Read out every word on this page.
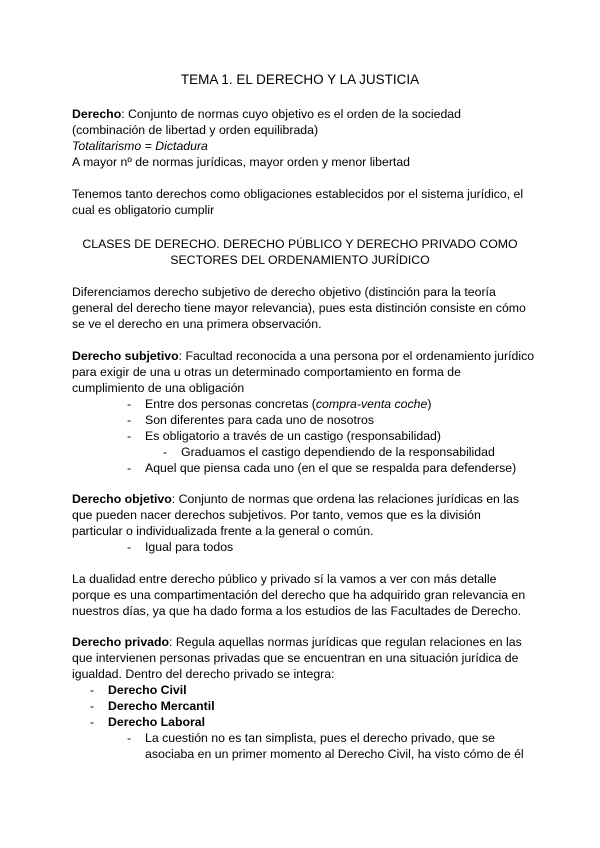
TEMA 1. EL DERECHO Y LA JUSTICIA
Derecho: Conjunto de normas cuyo objetivo es el orden de la sociedad
(combinación de libertad y orden equilibrada)
Totalitarismo = Dictadura
A mayor nº de normas jurídicas, mayor orden y menor libertad
Tenemos tanto derechos como obligaciones establecidos por el sistema jurídico, el
cual es obligatorio cumplir
CLASES DE DERECHO. DERECHO PÚBLICO Y DERECHO PRIVADO COMO
SECTORES DEL ORDENAMIENTO JURÍDICO
Diferenciamos derecho subjetivo de derecho objetivo (distinción para la teoría
general del derecho tiene mayor relevancia), pues esta distinción consiste en cómo
se ve el derecho en una primera observación.
Derecho subjetivo: Facultad reconocida a una persona por el ordenamiento jurídico
para exigir de una u otras un determinado comportamiento en forma de
cumplimiento de una obligación
- Entre dos personas concretas (compra-venta coche)
- Son diferentes para cada uno de nosotros
- Es obligatorio a través de un castigo (responsabilidad)
- Graduamos el castigo dependiendo de la responsabilidad
- Aquel que piensa cada uno (en el que se respalda para defenderse)
Derecho objetivo: Conjunto de normas que ordena las relaciones jurídicas en las
que pueden nacer derechos subjetivos. Por tanto, vemos que es la división
particular o individualizada frente a la general o común.
- Igual para todos
La dualidad entre derecho público y privado sí la vamos a ver con más detalle
porque es una compartimentación del derecho que ha adquirido gran relevancia en
nuestros días, ya que ha dado forma a los estudios de las Facultades de Derecho.
Derecho privado: Regula aquellas normas jurídicas que regulan relaciones en las
que intervienen personas privadas que se encuentran en una situación jurídica de
igualdad. Dentro del derecho privado se integra:
- Derecho Civil
- Derecho Mercantil
- Derecho Laboral
- La cuestión no es tan simplista, pues el derecho privado, que se
asociaba en un primer momento al Derecho Civil, ha visto cómo de él
